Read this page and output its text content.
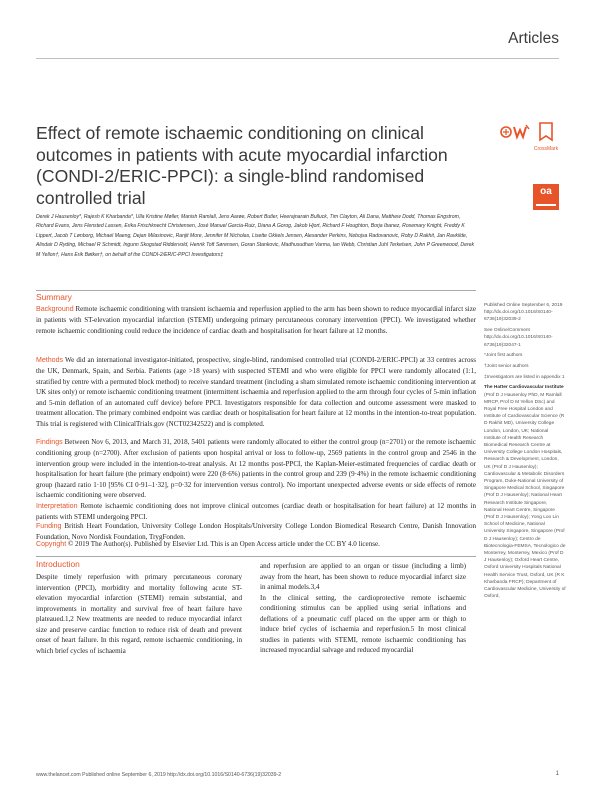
Articles
Effect of remote ischaemic conditioning on clinical outcomes in patients with acute myocardial infarction (CONDI-2/ERIC-PPCI): a single-blind randomised controlled trial
CrossMark
oa
Derek J Hausenloy*, Rajesh K Kharbanda*, Ulla Kristine Møller, Manish Ramlall, Jens Aarøe, Robert Butler, Heerajnarain Bulluck, Tim Clayton, Ali Dana, Matthew Dodd, Thomas Engstrom, Richard Evans, Jens Flensted Lassen, Erika Frischknecht Christensen, José Manuel Garcia-Ruiz, Diana A Gorog, Jakob Hjort, Richard F Houghton, Borja Ibanez, Rosemary Knight, Freddy K Lippert, Jacob T Lønborg, Michael Maeng, Dejan Milasinovic, Ranjit More, Jennifer M Nicholas, Lisette Okkels Jensen, Alexander Perkins, Nebojsa Radovanovic, Roby D Rakhit, Jan Ravkilde, Alisdair D Ryding, Michael R Schmidt, Ingunn Skogstad Riddervold, Henrik Toft Sørensen, Goran Stankovic, Madhusudhan Varma, Ian Webb, Christian Juhl Terkelsen, John P Greenwood, Derek M Yellon†, Hans Erik Bøtker†, on behalf of the CONDI-2/ERIC-PPCI Investigators‡
Summary

Background Remote ischaemic conditioning with transient ischaemia and reperfusion applied to the arm has been shown to reduce myocardial infarct size in patients with ST-elevation myocardial infarction (STEMI) undergoing primary percutaneous coronary intervention (PPCI). We investigated whether remote ischaemic conditioning could reduce the incidence of cardiac death and hospitalisation for heart failure at 12 months.

Methods We did an international investigator-initiated, prospective, single-blind, randomised controlled trial (CONDI-2/ERIC-PPCI) at 33 centres across the UK, Denmark, Spain, and Serbia. Patients (age >18 years) with suspected STEMI and who were eligible for PPCI were randomly allocated (1:1, stratified by centre with a permuted block method) to receive standard treatment (including a sham simulated remote ischaemic conditioning intervention at UK sites only) or remote ischaemic conditioning treatment (intermittent ischaemia and reperfusion applied to the arm through four cycles of 5-min inflation and 5-min deflation of an automated cuff device) before PPCI. Investigators responsible for data collection and outcome assessment were masked to treatment allocation. The primary combined endpoint was cardiac death or hospitalisation for heart failure at 12 months in the intention-to-treat population. This trial is registered with ClinicalTrials.gov (NCT02342522) and is completed.

Findings Between Nov 6, 2013, and March 31, 2018, 5401 patients were randomly allocated to either the control group (n=2701) or the remote ischaemic conditioning group (n=2700). After exclusion of patients upon hospital arrival or loss to follow-up, 2569 patients in the control group and 2546 in the intervention group were included in the intention-to-treat analysis. At 12 months post-PPCI, the Kaplan-Meier-estimated frequencies of cardiac death or hospitalisation for heart failure (the primary endpoint) were 220 (8·6%) patients in the control group and 239 (9·4%) in the remote ischaemic conditioning group (hazard ratio 1·10 [95% CI 0·91–1·32], p=0·32 for intervention versus control). No important unexpected adverse events or side effects of remote ischaemic conditioning were observed.

Interpretation Remote ischaemic conditioning does not improve clinical outcomes (cardiac death or hospitalisation for heart failure) at 12 months in patients with STEMI undergoing PPCI.

Funding British Heart Foundation, University College London Hospitals/University College London Biomedical Research Centre, Danish Innovation Foundation, Novo Nordisk Foundation, TrygFonden.

Copyright © 2019 The Author(s). Published by Elsevier Ltd. This is an Open Access article under the CC BY 4.0 license.
Introduction

Despite timely reperfusion with primary percutaneous coronary intervention (PPCI), morbidity and mortality following acute ST-elevation myocardial infarction (STEMI) remain substantial, and improvements in mortality and survival free of heart failure have plateaued.1,2 New treatments are needed to reduce myocardial infarct size and preserve cardiac function to reduce risk of death and prevent onset of heart failure. In this regard, remote ischaemic conditioning, in which brief cycles of ischaemia

and reperfusion are applied to an organ or tissue (including a limb) away from the heart, has been shown to reduce myocardial infarct size in animal models.3,4
In the clinical setting, the cardioprotective remote ischaemic conditioning stimulus can be applied using serial inflations and deflations of a pneumatic cuff placed on the upper arm or thigh to induce brief cycles of ischaemia and reperfusion.5 In most clinical studies in patients with STEMI, remote ischaemic conditioning has increased myocardial salvage and reduced myocardial

Published Online September 6, 2019 http://dx.doi.org/10.1016/S0140-6736(19)32039-2

See Online/Comment http://dx.doi.org/10.1016/S0140-6736(19)32047-1

*Joint first authors

†Joint senior authors

‡Investigators are listed in appendix 1

The Hatter Cardiovascular Institute (Prof D J Hausenloy PhD, M Ramlall MRCP, Prof D M Yellon DSc) and Royal Free Hospital London and Institute of Cardiovascular Science (R D Rakhit MD), University College London, London, UK; National Institute of Health Research Biomedical Research Centre at University College London Hospitals, Research & Development, London, UK (Prof D J Hausenloy); Cardiovascular & Metabolic Disorders Program, Duke-National University of Singapore Medical School, Singapore (Prof D J Hausenloy); National Heart Research Institute Singapore, National Heart Centre, Singapore (Prof D J Hausenloy); Yong Loo Lin School of Medicine, National University Singapore, Singapore (Prof D J Hausenloy); Centro de Biotecnologia-FEMSA, Tecnologico de Monterrey, Monterrey, Mexico (Prof D J Hausenloy); Oxford Heart Centre, Oxford University Hospitals National Health Service Trust, Oxford, UK (R K Kharbanda FRCP); Department of Cardiovascular Medicine, University of Oxford,

www.thelancet.com Published online September 6, 2019 http://dx.doi.org/10.1016/S0140-6736(19)32039-2	1
